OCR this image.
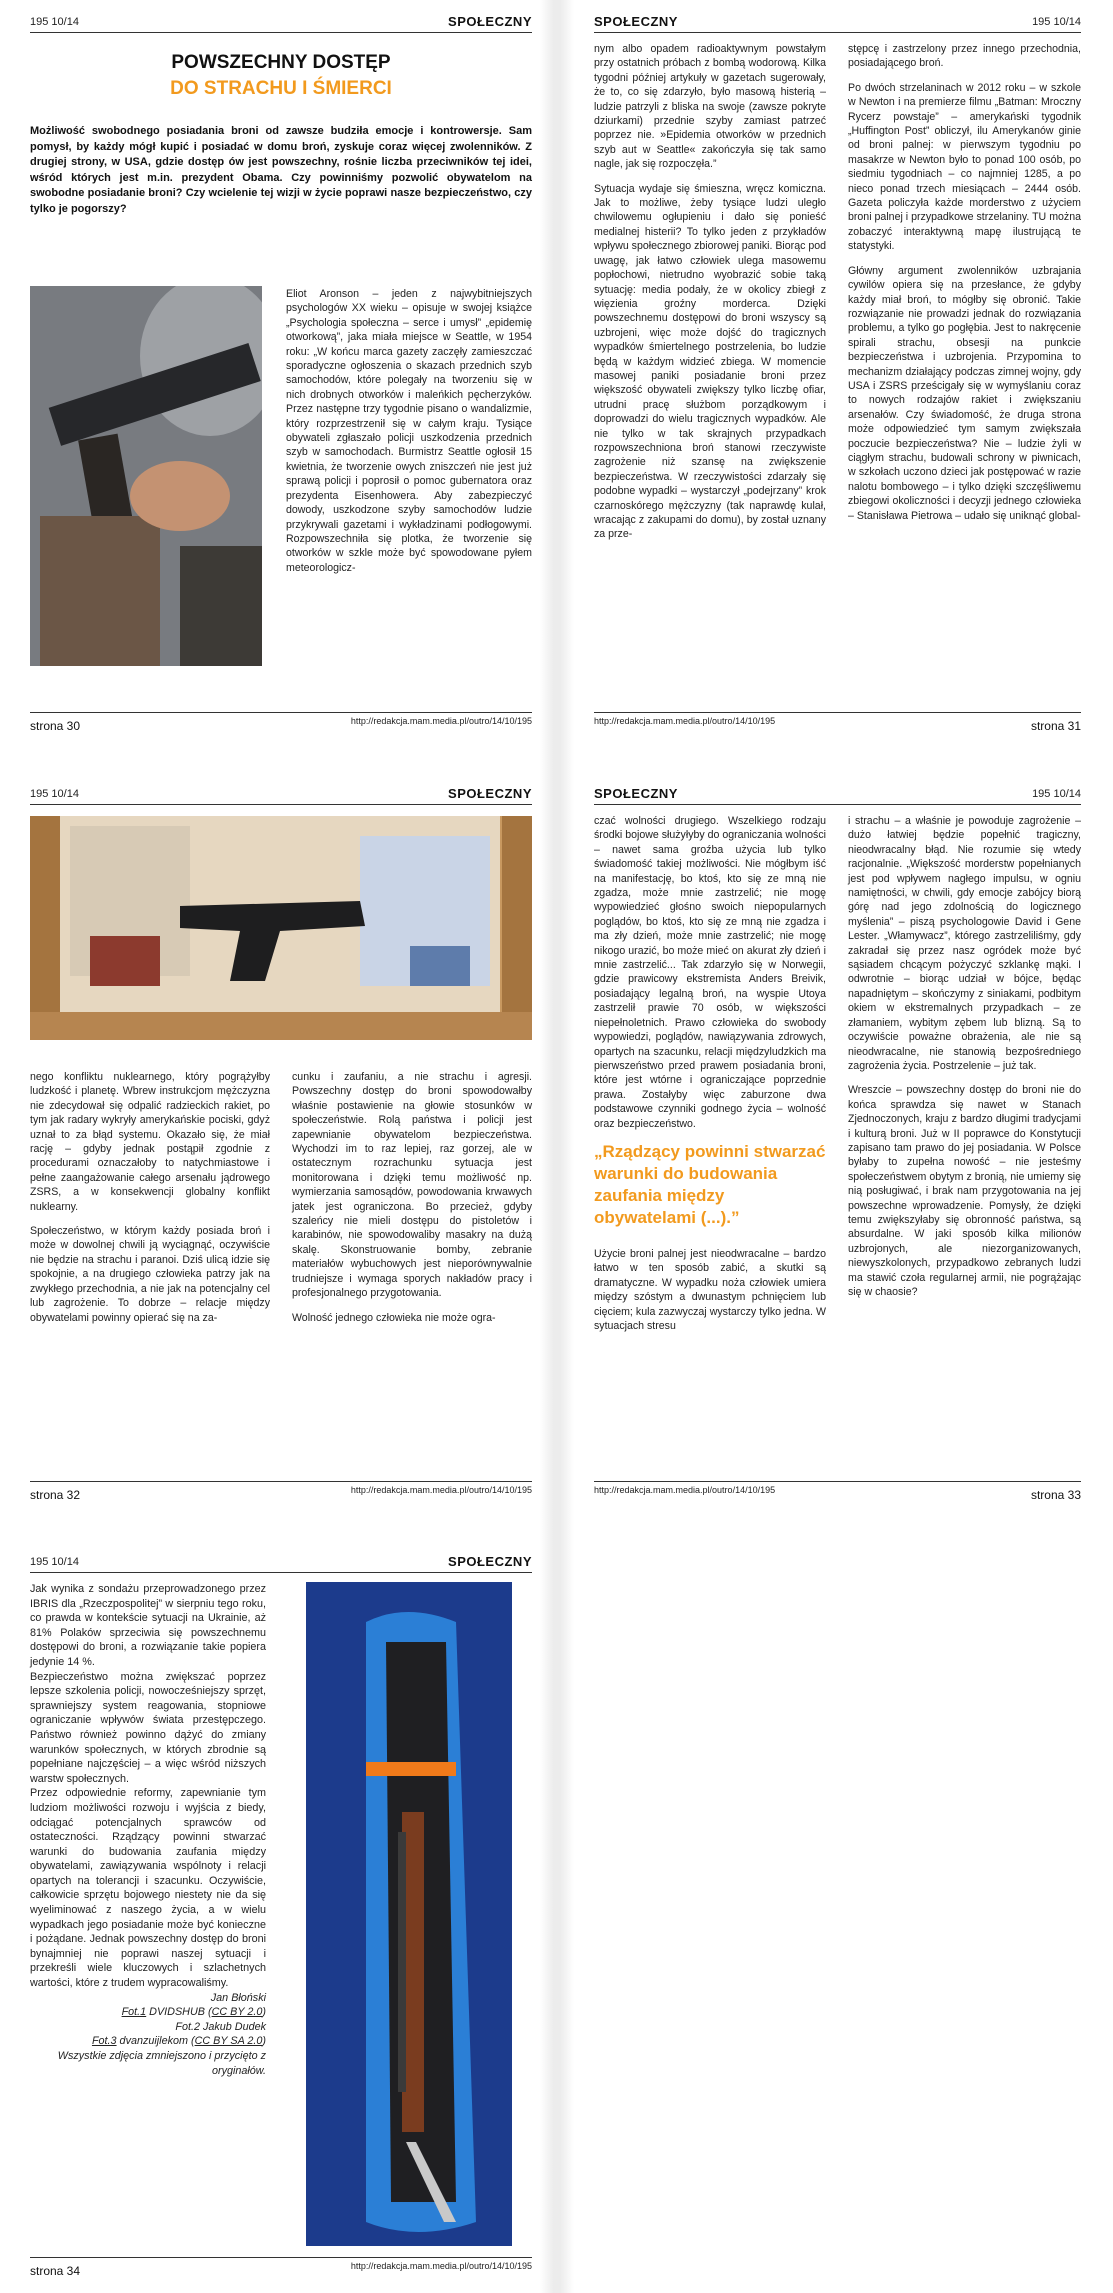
195 10/14	SPOŁECZNY
POWSZECHNY DOSTĘP
DO STRACHU I ŚMIERCI
Możliwość swobodnego posiadania broni od zawsze budziła emocje i kontrowersje. Sam pomysł, by każdy mógł kupić i posiadać w domu broń, zyskuje coraz więcej zwolenników. Z drugiej strony, w USA, gdzie dostęp ów jest powszechny, rośnie liczba przeciwników tej idei, wśród których jest m.in. prezydent Obama. Czy powinniśmy pozwolić obywatelom na swobodne posiadanie broni? Czy wcielenie tej wizji w życie poprawi nasze bezpieczeństwo, czy tylko je pogorszy?

Eliot Aronson – jeden z najwybitniejszych psychologów XX wieku – opisuje w swojej książce „Psychologia społeczna – serce i umysł” „epidemię otworkową”, jaka miała miejsce w Seattle, w 1954 roku: „W końcu marca gazety zaczęły zamieszczać sporadyczne ogłoszenia o skazach przednich szyb samochodów, które polegały na tworzeniu się w nich drobnych otworków i maleńkich pęcherzyków. Przez następne trzy tygodnie pisano o wandalizmie, który rozprzestrzenił się w całym kraju. Tysiące obywateli zgłaszało policji uszkodzenia przednich szyb w samochodach. Burmistrz Seattle ogłosił 15 kwietnia, że tworzenie owych zniszczeń nie jest już sprawą policji i poprosił o pomoc gubernatora oraz prezydenta Eisenhowera. Aby zabezpieczyć dowody, uszkodzone szyby samochodów ludzie przykrywali gazetami i wykładzinami podłogowymi. Rozpowszechniła się plotka, że tworzenie się otworków w szkle może być spowodowane pyłem meteorologicz-

strona 30	http://redakcja.mam.media.pl/outro/14/10/195
SPOŁECZNY	195 10/14

nym albo opadem radioaktywnym powstałym przy ostatnich próbach z bombą wodorową. Kilka tygodni później artykuły w gazetach sugerowały, że to, co się zdarzyło, było masową histerią – ludzie patrzyli z bliska na swoje (zawsze pokryte dziurkami) przednie szyby zamiast patrzeć poprzez nie. »Epidemia otworków w przednich szyb aut w Seattle« zakończyła się tak samo nagle, jak się rozpoczęła.”

Sytuacja wydaje się śmieszna, wręcz komiczna. Jak to możliwe, żeby tysiące ludzi uległo chwilowemu ogłupieniu i dało się ponieść medialnej histerii? To tylko jeden z przykładów wpływu społecznego zbiorowej paniki. Biorąc pod uwagę, jak łatwo człowiek ulega masowemu popłochowi, nietrudno wyobrazić sobie taką sytuację: media podały, że w okolicy zbiegł z więzienia groźny morderca. Dzięki powszechnemu dostępowi do broni wszyscy są uzbrojeni, więc może dojść do tragicznych wypadków śmiertelnego postrzelenia, bo ludzie będą w każdym widzieć zbiega. W momencie masowej paniki posiadanie broni przez większość obywateli zwiększy tylko liczbę ofiar, utrudni pracę służbom porządkowym i doprowadzi do wielu tragicznych wypadków. Ale nie tylko w tak skrajnych przypadkach rozpowszechniona broń stanowi rzeczywiste zagrożenie niż szansę na zwiększenie bezpieczeństwa. W rzeczywistości zdarzały się podobne wypadki – wystarczył „podejrzany” krok czarnoskórego mężczyzny (tak naprawdę kulał, wracając z zakupami do domu), by został uznany za prze-

stępcę i zastrzelony przez innego przechodnia, posiadającego broń.

Po dwóch strzelaninach w 2012 roku – w szkole w Newton i na premierze filmu „Batman: Mroczny Rycerz powstaje” – amerykański tygodnik „Huffington Post” obliczył, ilu Amerykanów ginie od broni palnej: w pierwszym tygodniu po masakrze w Newton było to ponad 100 osób, po siedmiu tygodniach – co najmniej 1285, a po nieco ponad trzech miesiącach – 2444 osób. Gazeta policzyła każde morderstwo z użyciem broni palnej i przypadkowe strzelaniny. TU można zobaczyć interaktywną mapę ilustrującą te statystyki.

Główny argument zwolenników uzbrajania cywilów opiera się na przesłance, że gdyby każdy miał broń, to mógłby się obronić. Takie rozwiązanie nie prowadzi jednak do rozwiązania problemu, a tylko go pogłębia. Jest to nakręcenie spirali strachu, obsesji na punkcie bezpieczeństwa i uzbrojenia. Przypomina to mechanizm działający podczas zimnej wojny, gdy USA i ZSRS prześcigały się w wymyślaniu coraz to nowych rodzajów rakiet i zwiększaniu arsenałów. Czy świadomość, że druga strona może odpowiedzieć tym samym zwiększała poczucie bezpieczeństwa? Nie – ludzie żyli w ciągłym strachu, budowali schrony w piwnicach, w szkołach uczono dzieci jak postępować w razie nalotu bombowego – i tylko dzięki szczęśliwemu zbiegowi okoliczności i decyzji jednego człowieka – Stanisława Pietrowa – udało się uniknąć global-

http://redakcja.mam.media.pl/outro/14/10/195	strona 31
195 10/14	SPOŁECZNY

nego konfliktu nuklearnego, który pogrążyłby ludzkość i planetę. Wbrew instrukcjom mężczyzna nie zdecydował się odpalić radzieckich rakiet, po tym jak radary wykryły amerykańskie pociski, gdyż uznał to za błąd systemu. Okazało się, że miał rację – gdyby jednak postąpił zgodnie z procedurami oznaczałoby to natychmiastowe i pełne zaangażowanie całego arsenału jądrowego ZSRS, a w konsekwencji globalny konflikt nuklearny.

Społeczeństwo, w którym każdy posiada broń i może w dowolnej chwili ją wyciągnąć, oczywiście nie będzie na strachu i paranoi. Dziś ulicą idzie się spokojnie, a na drugiego człowieka patrzy jak na zwykłego przechodnia, a nie jak na potencjalny cel lub zagrożenie. To dobrze – relacje między obywatelami powinny opierać się na za-

cunku i zaufaniu, a nie strachu i agresji. Powszechny dostęp do broni spowodowałby właśnie postawienie na głowie stosunków w społeczeństwie. Rolą państwa i policji jest zapewnianie obywatelom bezpieczeństwa. Wychodzi im to raz lepiej, raz gorzej, ale w ostatecznym rozrachunku sytuacja jest monitorowana i dzięki temu możliwość np. wymierzania samosądów, powodowania krwawych jatek jest ograniczona. Bo przecież, gdyby szaleńcy nie mieli dostępu do pistoletów i karabinów, nie spowodowaliby masakry na dużą skalę. Skonstruowanie bomby, zebranie materiałów wybuchowych jest nieporównywalnie trudniejsze i wymaga sporych nakładów pracy i profesjonalnego przygotowania.

Wolność jednego człowieka nie może ogra-

strona 32	http://redakcja.mam.media.pl/outro/14/10/195
SPOŁECZNY	195 10/14

czać wolności drugiego. Wszelkiego rodzaju środki bojowe służyłyby do ograniczania wolności – nawet sama groźba użycia lub tylko świadomość takiej możliwości. Nie mógłbym iść na manifestację, bo ktoś, kto się ze mną nie zgadza, może mnie zastrzelić; nie mogę wypowiedzieć głośno swoich niepopularnych poglądów, bo ktoś, kto się ze mną nie zgadza i ma zły dzień, może mnie zastrzelić; nie mogę nikogo urazić, bo może mieć on akurat zły dzień i mnie zastrzelić... Tak zdarzyło się w Norwegii, gdzie prawicowy ekstremista Anders Breivik, posiadający legalną broń, na wyspie Utoya zastrzelił prawie 70 osób, w większości niepełnoletnich. Prawo człowieka do swobody wypowiedzi, poglądów, nawiązywania zdrowych, opartych na szacunku, relacji międzyludzkich ma pierwszeństwo przed prawem posiadania broni, które jest wtórne i ograniczające poprzednie prawa. Zostałyby więc zaburzone dwa podstawowe czynniki godnego życia – wolność oraz bezpieczeństwo.

„Rządzący powinni stwarzać warunki do budowania zaufania między obywatelami (...).”

Użycie broni palnej jest nieodwracalne – bardzo łatwo w ten sposób zabić, a skutki są dramatyczne. W wypadku noża człowiek umiera między szóstym a dwunastym pchnięciem lub cięciem; kula zazwyczaj wystarczy tylko jedna. W sytuacjach stresu

i strachu – a właśnie je powoduje zagrożenie – dużo łatwiej będzie popełnić tragiczny, nieodwracalny błąd. Nie rozumie się wtedy racjonalnie. „Większość morderstw popełnianych jest pod wpływem nagłego impulsu, w ogniu namiętności, w chwili, gdy emocje zabójcy biorą górę nad jego zdolnością do logicznego myślenia” – piszą psychologowie David i Gene Lester. „Włamywacz”, którego zastrzeliliśmy, gdy zakradał się przez nasz ogródek może być sąsiadem chcącym pożyczyć szklankę mąki. I odwrotnie – biorąc udział w bójce, będąc napadniętym – skończymy z siniakami, podbitym okiem w ekstremalnych przypadkach – ze złamaniem, wybitym zębem lub blizną. Są to oczywiście poważne obrażenia, ale nie są nieodwracalne, nie stanowią bezpośredniego zagrożenia życia. Postrzelenie – już tak.

Wreszcie – powszechny dostęp do broni nie do końca sprawdza się nawet w Stanach Zjednoczonych, kraju z bardzo długimi tradycjami i kulturą broni. Już w II poprawce do Konstytucji zapisano tam prawo do jej posiadania. W Polsce byłaby to zupełna nowość – nie jesteśmy społeczeństwem obytym z bronią, nie umiemy się nią posługiwać, i brak nam przygotowania na jej powszechne wprowadzenie. Pomysły, że dzięki temu zwiększyłaby się obronność państwa, są absurdalne. W jaki sposób kilka milionów uzbrojonych, ale niezorganizowanych, niewyszkolonych, przypadkowo zebranych ludzi ma stawić czoła regularnej armii, nie pogrążając się w chaosie?

http://redakcja.mam.media.pl/outro/14/10/195	strona 33
195 10/14	SPOŁECZNY

Jak wynika z sondażu przeprowadzonego przez IBRIS dla „Rzeczpospolitej” w sierpniu tego roku, co prawda w kontekście sytuacji na Ukrainie, aż 81% Polaków sprzeciwia się powszechnemu dostępowi do broni, a rozwiązanie takie popiera jedynie 14 %.

Bezpieczeństwo można zwiększać poprzez lepsze szkolenia policji, nowocześniejszy sprzęt, sprawniejszy system reagowania, stopniowe ograniczanie wpływów świata przestępczego. Państwo również powinno dążyć do zmiany warunków społecznych, w których zbrodnie są popełniane najczęściej – a więc wśród niższych warstw społecznych.

Przez odpowiednie reformy, zapewnianie tym ludziom możliwości rozwoju i wyjścia z biedy, odciągać potencjalnych sprawców od ostateczności. Rządzący powinni stwarzać warunki do budowania zaufania między obywatelami, zawiązywania wspólnoty i relacji opartych na tolerancji i szacunku. Oczywiście, całkowicie sprzętu bojowego niestety nie da się wyeliminować z naszego życia, a w wielu wypadkach jego posiadanie może być konieczne i pożądane. Jednak powszechny dostęp do broni bynajmniej nie poprawi naszej sytuacji i przekreśli wiele kluczowych i szlachetnych wartości, które z trudem wypracowaliśmy.

Jan Błoński
Fot.1 DVIDSHUB (CC BY 2.0)
Fot.2 Jakub Dudek
Fot.3 dvanzuijlekom (CC BY SA 2.0)
Wszystkie zdjęcia zmniejszono i przycięto z oryginałów.
strona 34	http://redakcja.mam.media.pl/outro/14/10/195
